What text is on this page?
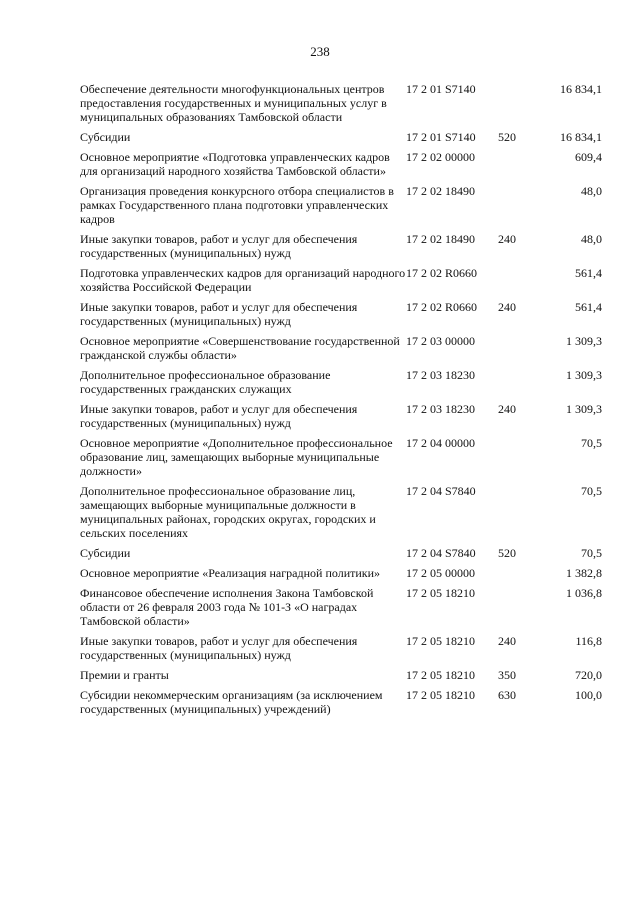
238
Обеспечение деятельности многофункциональных центров предоставления государственных и муниципальных услуг в муниципальных образованиях Тамбовской области	17 2 01 S7140		16 834,1
Субсидии	17 2 01 S7140	520	16 834,1
Основное мероприятие «Подготовка управленческих кадров для организаций народного хозяйства Тамбовской области»	17 2 02 00000		609,4
Организация проведения конкурсного отбора специалистов в рамках Государственного плана подготовки управленческих кадров	17 2 02 18490		48,0
Иные закупки товаров, работ и услуг для обеспечения государственных (муниципальных) нужд	17 2 02 18490	240	48,0
Подготовка управленческих кадров для организаций народного хозяйства Российской Федерации	17 2 02 R0660		561,4
Иные закупки товаров, работ и услуг для обеспечения государственных (муниципальных) нужд	17 2 02 R0660	240	561,4
Основное мероприятие «Совершенствование государственной гражданской службы области»	17 2 03 00000		1 309,3
Дополнительное профессиональное образование государственных гражданских служащих	17 2 03 18230		1 309,3
Иные закупки товаров, работ и услуг для обеспечения государственных (муниципальных) нужд	17 2 03 18230	240	1 309,3
Основное мероприятие «Дополнительное профессиональное образование лиц, замещающих выборные муниципальные должности»	17 2 04 00000		70,5
Дополнительное профессиональное образование лиц, замещающих выборные муниципальные должности в муниципальных районах, городских округах, городских и сельских поселениях	17 2 04 S7840		70,5
Субсидии	17 2 04 S7840	520	70,5
Основное мероприятие «Реализация наградной политики»	17 2 05 00000		1 382,8
Финансовое обеспечение исполнения Закона Тамбовской области от 26 февраля 2003 года № 101-З «О наградах Тамбовской области»	17 2 05 18210		1 036,8
Иные закупки товаров, работ и услуг для обеспечения государственных (муниципальных) нужд	17 2 05 18210	240	116,8
Премии и гранты	17 2 05 18210	350	720,0
Субсидии некоммерческим организациям (за исключением государственных (муниципальных) учреждений)	17 2 05 18210	630	100,0
